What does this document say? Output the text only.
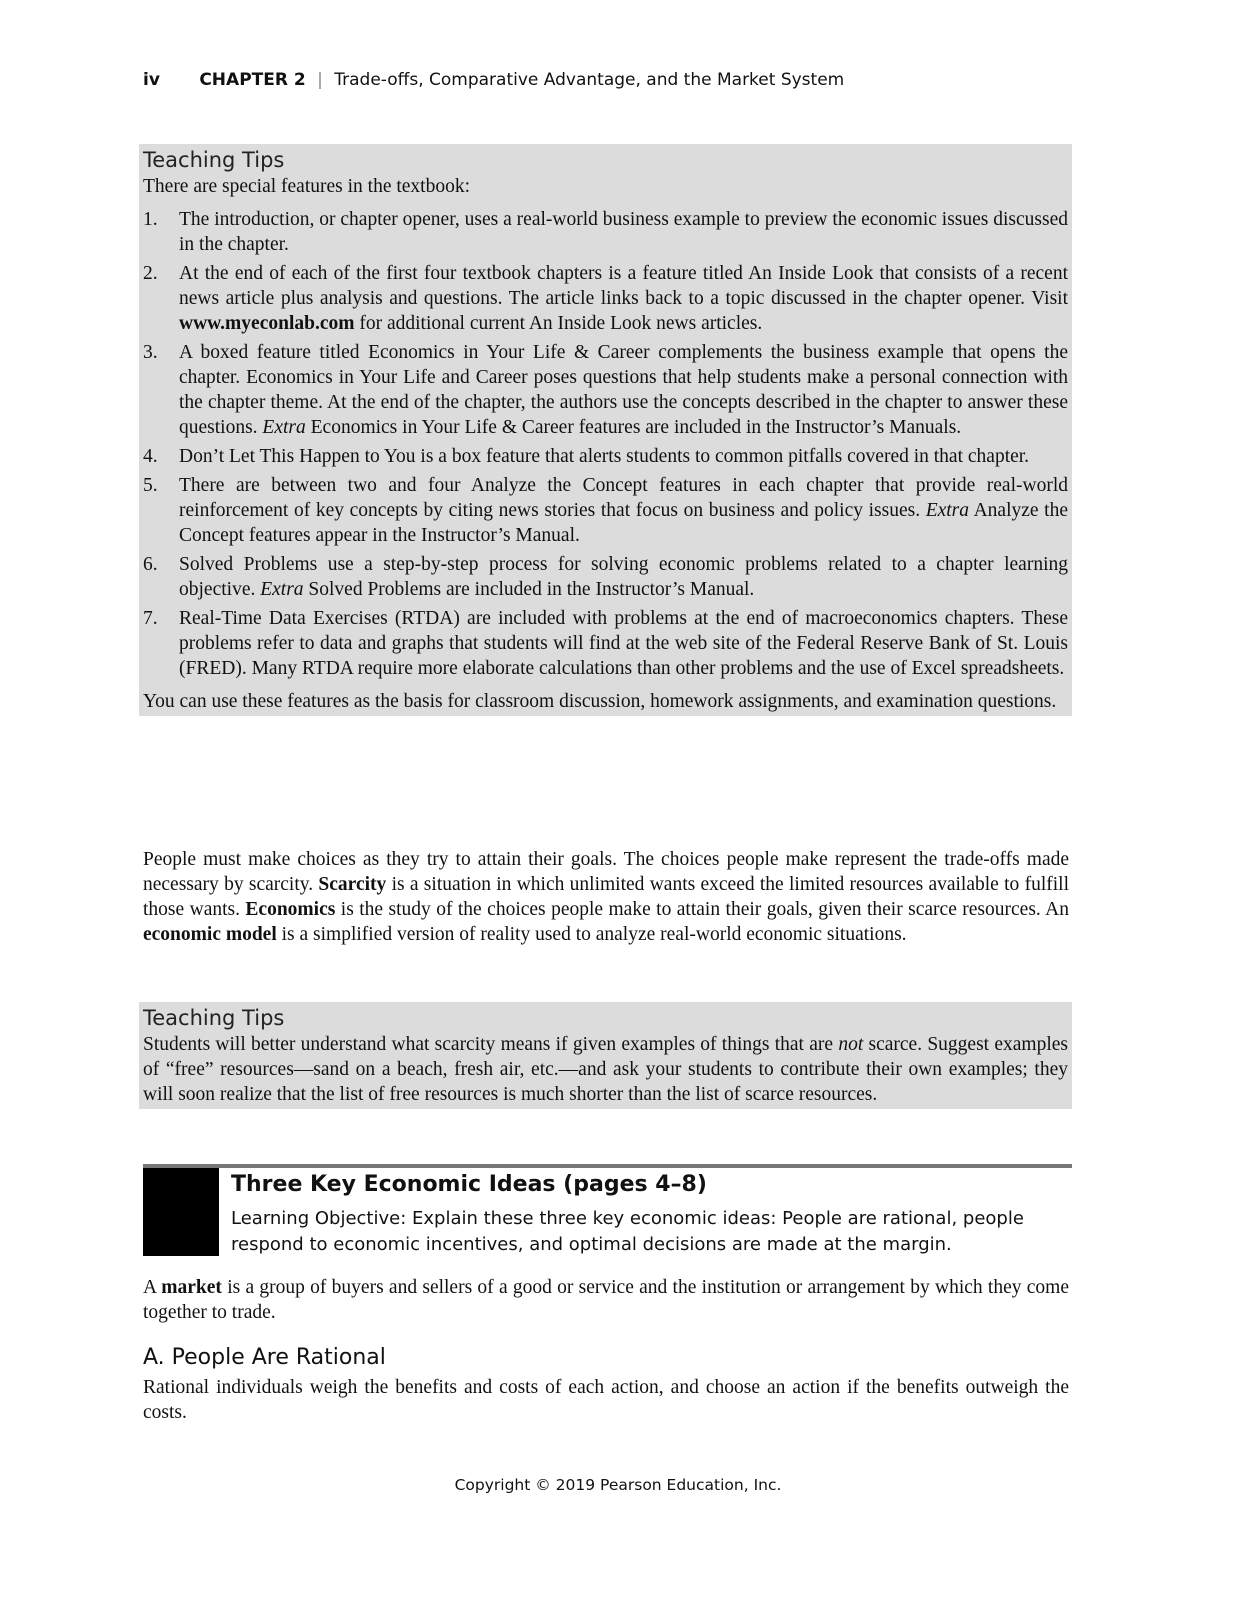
iv CHAPTER 2 | Trade-offs, Comparative Advantage, and the Market System
Teaching Tips

There are special features in the textbook:

1. The introduction, or chapter opener, uses a real-world business example to preview the economic issues discussed in the chapter.
2. At the end of each of the first four textbook chapters is a feature titled An Inside Look that consists of a recent news article plus analysis and questions. The article links back to a topic discussed in the chapter opener. Visit www.myeconlab.com for additional current An Inside Look news articles.
3. A boxed feature titled Economics in Your Life & Career complements the business example that opens the chapter. Economics in Your Life and Career poses questions that help students make a personal connection with the chapter theme. At the end of the chapter, the authors use the concepts described in the chapter to answer these questions. Extra Economics in Your Life & Career features are included in the Instructor’s Manuals.
4. Don’t Let This Happen to You is a box feature that alerts students to common pitfalls covered in that chapter.
5. There are between two and four Analyze the Concept features in each chapter that provide real-world reinforcement of key concepts by citing news stories that focus on business and policy issues. Extra Analyze the Concept features appear in the Instructor’s Manual.
6. Solved Problems use a step-by-step process for solving economic problems related to a chapter learning objective. Extra Solved Problems are included in the Instructor’s Manual.
7. Real-Time Data Exercises (RTDA) are included with problems at the end of macroeconomics chapters. These problems refer to data and graphs that students will find at the web site of the Federal Reserve Bank of St. Louis (FRED). Many RTDA require more elaborate calculations than other problems and the use of Excel spreadsheets.

You can use these features as the basis for classroom discussion, homework assignments, and examination questions.

People must make choices as they try to attain their goals. The choices people make represent the trade-offs made necessary by scarcity. Scarcity is a situation in which unlimited wants exceed the limited resources available to fulfill those wants. Economics is the study of the choices people make to attain their goals, given their scarce resources. An economic model is a simplified version of reality used to analyze real-world economic situations.

Teaching Tips

Students will better understand what scarcity means if given examples of things that are not scarce. Suggest examples of “free” resources—sand on a beach, fresh air, etc.—and ask your students to contribute their own examples; they will soon realize that the list of free resources is much shorter than the list of scarce resources.

Three Key Economic Ideas (pages 4–8)
Learning Objective: Explain these three key economic ideas: People are rational, people respond to economic incentives, and optimal decisions are made at the margin.

A market is a group of buyers and sellers of a good or service and the institution or arrangement by which they come together to trade.

A. People Are Rational

Rational individuals weigh the benefits and costs of each action, and choose an action if the benefits outweigh the costs.

Copyright © 2019 Pearson Education, Inc.
